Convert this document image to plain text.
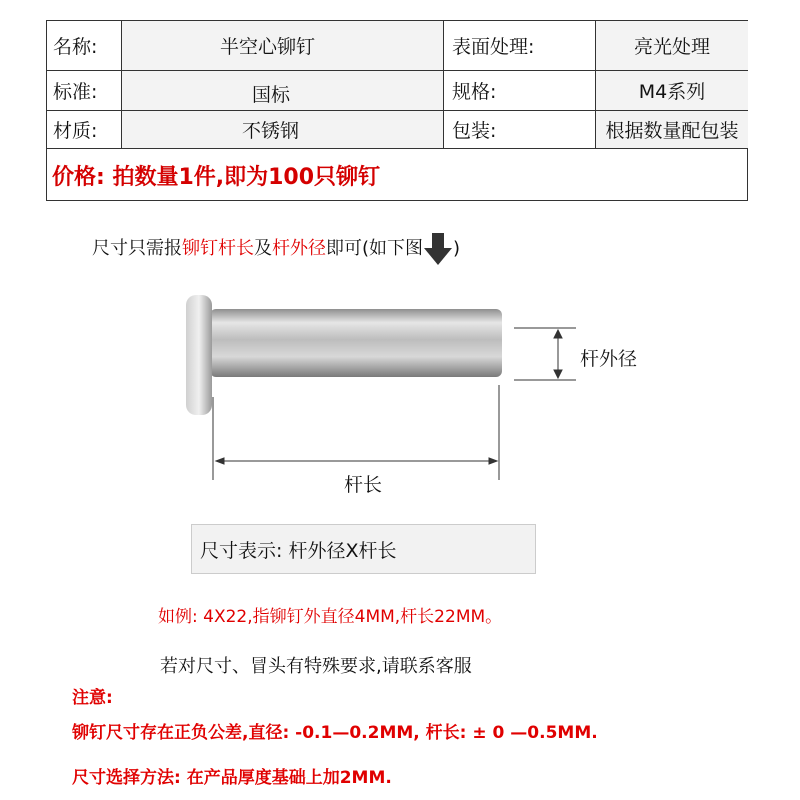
名称:	半空心铆钉	表面处理:	亮光处理
标准:	国标	规格:	M4系列
材质:	不锈钢	包装:	根据数量配包装
价格: 拍数量1件,即为100只铆钉
尺寸只需报铆钉杆长及杆外径即可(如下图 )
杆外径
杆长
尺寸表示: 杆外径X杆长
如例: 4X22,指铆钉外直径4MM,杆长22MM。
若对尺寸、冒头有特殊要求,请联系客服
注意:
铆钉尺寸存在正负公差,直径: -0.1—0.2MM, 杆长: ± 0 —0.5MM.
尺寸选择方法: 在产品厚度基础上加2MM.
